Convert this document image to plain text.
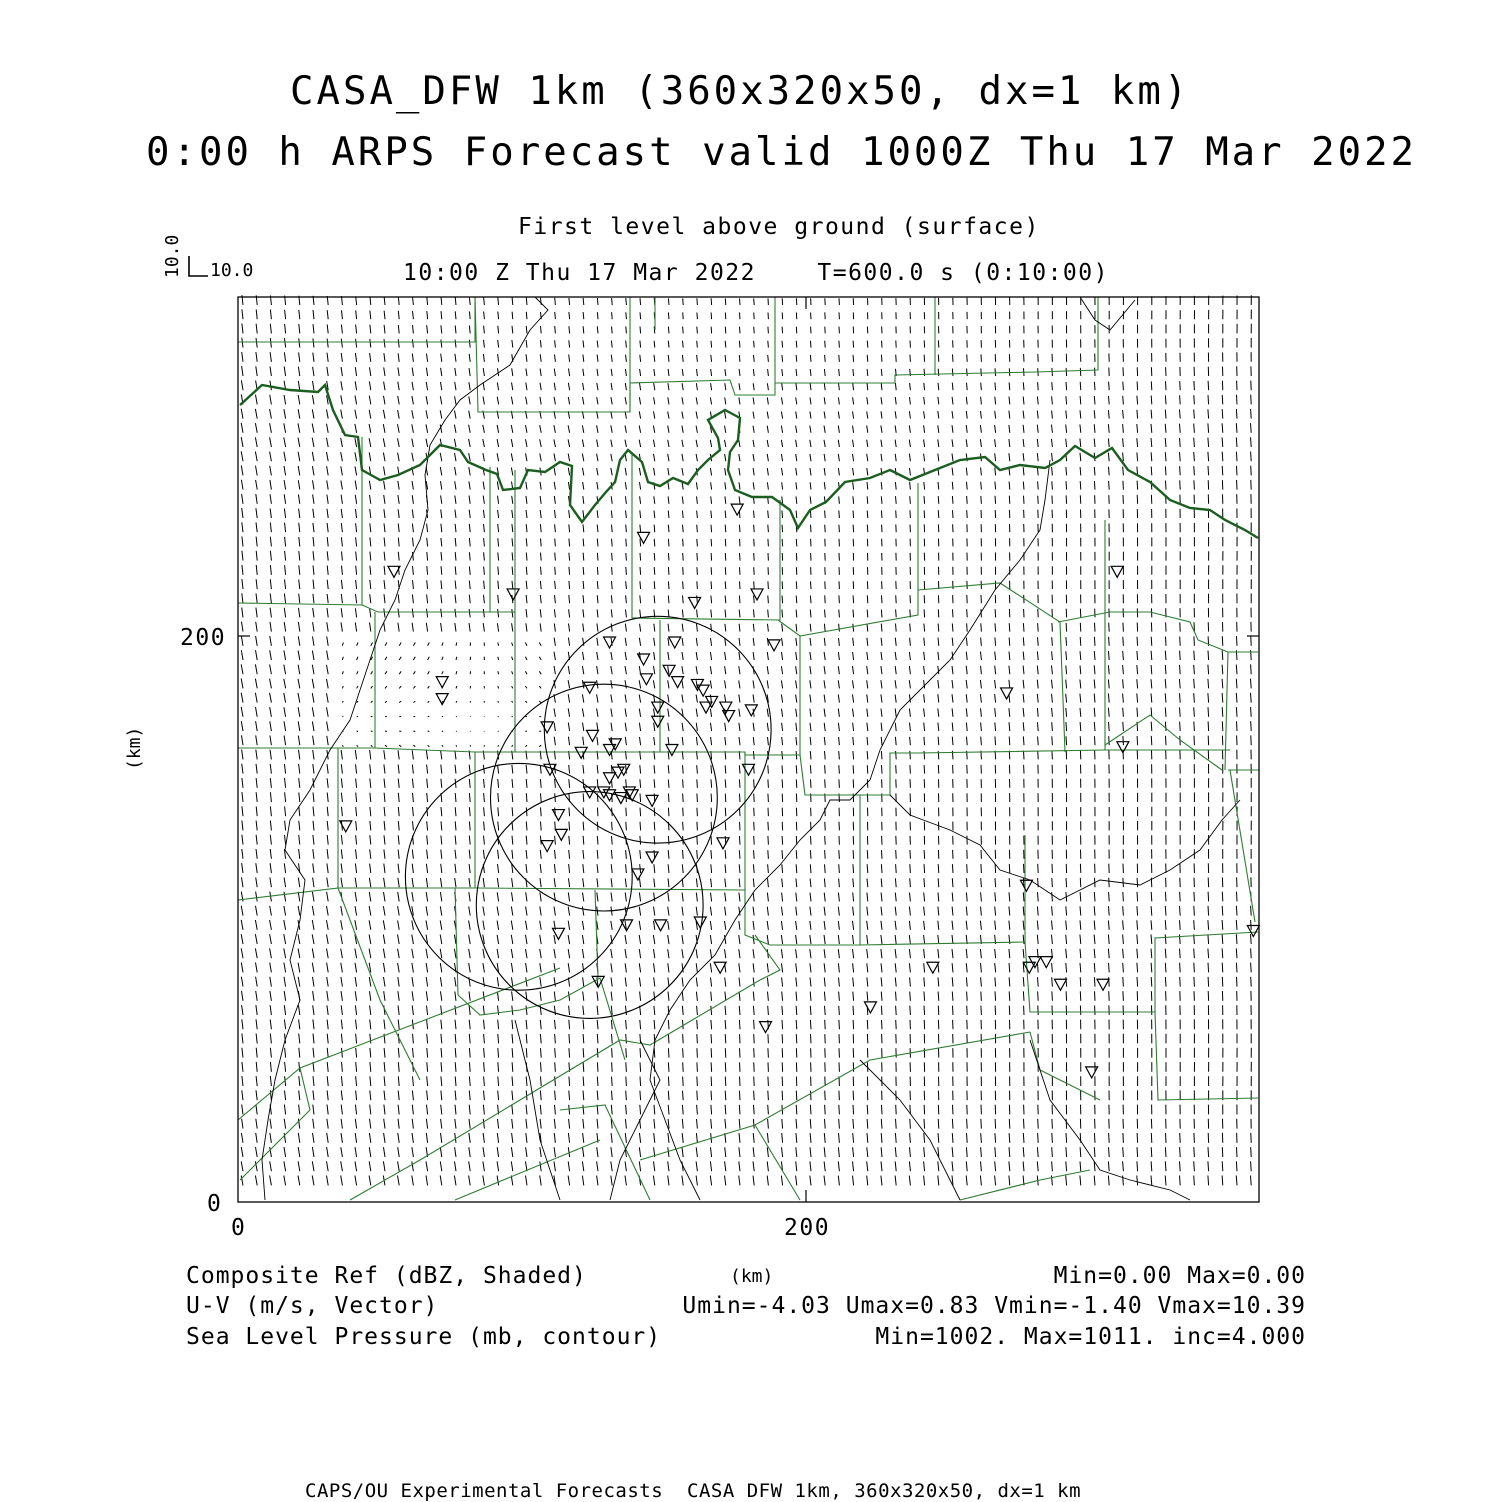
CASA_DFW 1km (360x320x50, dx=1 km)
0:00 h ARPS Forecast valid 1000Z Thu 17 Mar 2022
First level above ground (surface)
10:00 Z Thu 17 Mar 2022    T=600.0 s (0:10:00)
10.0
10.0
0	200
0
200
(km)
(km)
Composite Ref (dBZ, Shaded)	Min=0.00 Max=0.00
U-V (m/s, Vector)	Umin=-4.03 Umax=0.83 Vmin=-1.40 Vmax=10.39
Sea Level Pressure (mb, contour)	Min=1002. Max=1011. inc=4.000
CAPS/OU Experimental Forecasts  CASA DFW 1km, 360x320x50, dx=1 km
